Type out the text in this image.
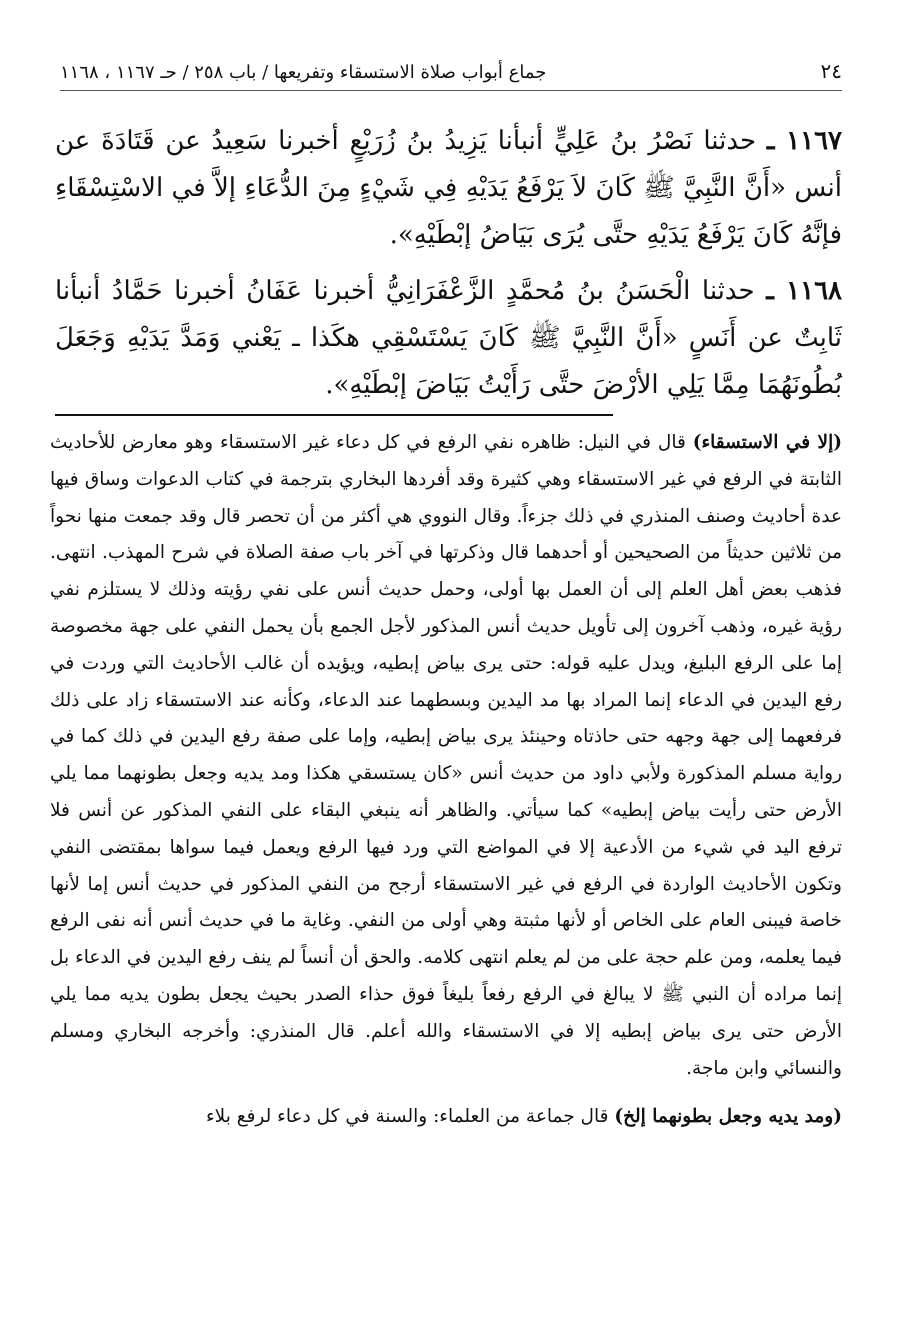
٢٤
جماع أبواب صلاة الاستسقاء وتفريعها / باب ٢٥٨ / حـ ١١٦٧ ، ١١٦٨
١١٦٧ ـ حدثنا نَصْرُ بنُ عَلِيٍّ أنبأنا يَزِيدُ بنُ زُرَيْعٍ أخبرنا سَعِيدُ عن قَتَادَةَ عن أنس «أَنَّ النَّبِيَّ ﷺ كَانَ لاَ يَرْفَعُ يَدَيْهِ فِي شَيْءٍ مِنَ الدُّعَاءِ إلاَّ في الاسْتِسْقَاءِ فإنَّهُ كَانَ يَرْفَعُ يَدَيْهِ حتَّى يُرَى بَيَاضُ إبْطَيْهِ».
١١٦٨ ـ حدثنا الْحَسَنُ بنُ مُحمَّدٍ الزَّعْفَرَانِيُّ أخبرنا عَفَانُ أخبرنا حَمَّادُ أنبأنا ثَابِتٌ عن أَنَسٍ «أَنَّ النَّبِيَّ ﷺ كَانَ يَسْتَسْقِي هكَذا ـ يَعْني وَمَدَّ يَدَيْهِ وَجَعَلَ بُطُونَهُمَا مِمَّا يَلِي الأرْضَ حتَّى رَأَيْتُ بَيَاضَ إبْطَيْهِ».

(إلا في الاستسقاء) قال في النيل: ظاهره نفي الرفع في كل دعاء غير الاستسقاء وهو معارض للأحاديث الثابتة في الرفع في غير الاستسقاء وهي كثيرة وقد أفردها البخاري بترجمة في كتاب الدعوات وساق فيها عدة أحاديث وصنف المنذري في ذلك جزءاً. وقال النووي هي أكثر من أن تحصر قال وقد جمعت منها نحواً من ثلاثين حديثاً من الصحيحين أو أحدهما قال وذكرتها في آخر باب صفة الصلاة في شرح المهذب. انتهى. فذهب بعض أهل العلم إلى أن العمل بها أولى، وحمل حديث أنس على نفي رؤيته وذلك لا يستلزم نفي رؤية غيره، وذهب آخرون إلى تأويل حديث أنس المذكور لأجل الجمع بأن يحمل النفي على جهة مخصوصة إما على الرفع البليغ، ويدل عليه قوله: حتى يرى بياض إبطيه، ويؤيده أن غالب الأحاديث التي وردت في رفع اليدين في الدعاء إنما المراد بها مد اليدين وبسطهما عند الدعاء، وكأنه عند الاستسقاء زاد على ذلك فرفعهما إلى جهة وجهه حتى حاذتاه وحينئذ يرى بياض إبطيه، وإما على صفة رفع اليدين في ذلك كما في رواية مسلم المذكورة ولأبي داود من حديث أنس «كان يستسقي هكذا ومد يديه وجعل بطونهما مما يلي الأرض حتى رأيت بياض إبطيه» كما سيأتي. والظاهر أنه ينبغي البقاء على النفي المذكور عن أنس فلا ترفع اليد في شيء من الأدعية إلا في المواضع التي ورد فيها الرفع ويعمل فيما سواها بمقتضى النفي وتكون الأحاديث الواردة في الرفع في غير الاستسقاء أرجح من النفي المذكور في حديث أنس إما لأنها خاصة فيبنى العام على الخاص أو لأنها مثبتة وهي أولى من النفي. وغاية ما في حديث أنس أنه نفى الرفع فيما يعلمه، ومن علم حجة على من لم يعلم انتهى كلامه. والحق أن أنساً لم ينف رفع اليدين في الدعاء بل إنما مراده أن النبي ﷺ لا يبالغ في الرفع رفعاً بليغاً فوق حذاء الصدر بحيث يجعل بطون يديه مما يلي الأرض حتى يرى بياض إبطيه إلا في الاستسقاء والله أعلم. قال المنذري: وأخرجه البخاري ومسلم والنسائي وابن ماجة.

(ومد يديه وجعل بطونهما إلخ) قال جماعة من العلماء: والسنة في كل دعاء لرفع بلاء
